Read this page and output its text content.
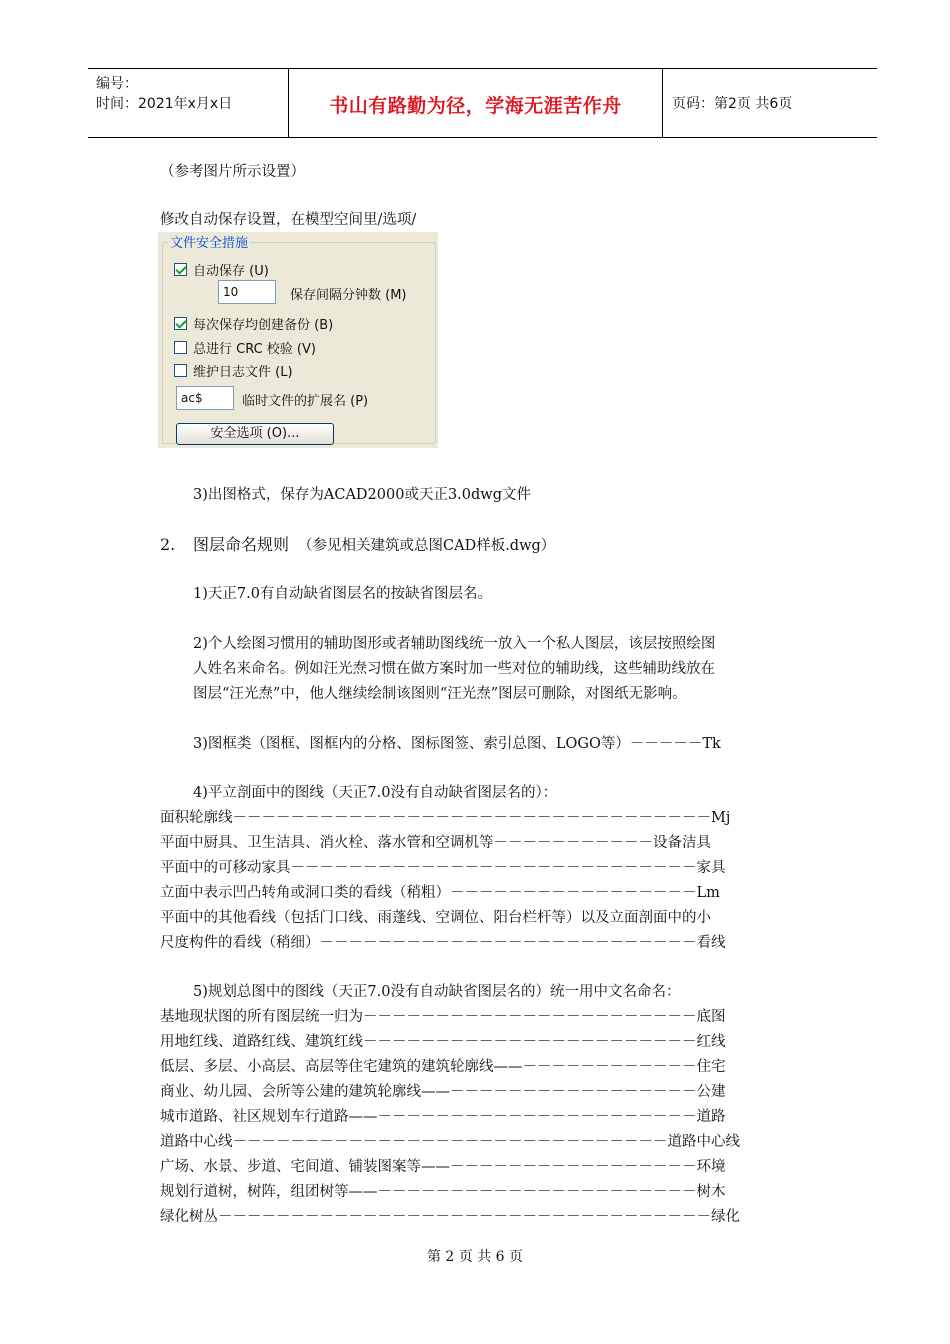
编号：
时间：2021年x月x日	书山有路勤为径，学海无涯苦作舟	页码：第2页 共6页
（参考图片所示设置）
修改自动保存设置，在模型空间里/选项/
文件安全措施
自动保存 (U)
10	保存间隔分钟数 (M)
每次保存均创建备份 (B)
总进行 CRC 校验 (V)
维护日志文件 (L)
ac$	临时文件的扩展名 (P)
安全选项 (O)...
3)出图格式，保存为ACAD2000或天正3.0dwg文件
2. 图层命名规则 （参见相关建筑或总图CAD样板.dwg）
1)天正7.0有自动缺省图层名的按缺省图层名。
2)个人绘图习惯用的辅助图形或者辅助图线统一放入一个私人图层，该层按照绘图
人姓名来命名。例如汪光焘习惯在做方案时加一些对位的辅助线，这些辅助线放在
图层“汪光焘”中，他人继续绘制该图则“汪光焘”图层可删除，对图纸无影响。
3)图框类（图框、图框内的分格、图标图签、索引总图、LOGO等）－－－－－Tk
4)平立剖面中的图线（天正7.0没有自动缺省图层名的）：
面积轮廓线－－－－－－－－－－－－－－－－－－－－－－－－－－－－－－－－－Mj
平面中厨具、卫生洁具、消火栓、落水管和空调机等－－－－－－－－－－－设备洁具
平面中的可移动家具－－－－－－－－－－－－－－－－－－－－－－－－－－－－家具
立面中表示凹凸转角或洞口类的看线（稍粗）－－－－－－－－－－－－－－－－－Lm
平面中的其他看线（包括门口线、雨蓬线、空调位、阳台栏杆等）以及立面剖面中的小
尺度构件的看线（稍细）－－－－－－－－－－－－－－－－－－－－－－－－－－看线
5)规划总图中的图线（天正7.0没有自动缺省图层名的）统一用中文名命名：
基地现状图的所有图层统一归为－－－－－－－－－－－－－－－－－－－－－－－底图
用地红线、道路红线、建筑红线－－－－－－－－－－－－－－－－－－－－－－－红线
低层、多层、小高层、高层等住宅建筑的建筑轮廓线——－－－－－－－－－－－－住宅
商业、幼儿园、会所等公建的建筑轮廓线——－－－－－－－－－－－－－－－－－公建
城市道路、社区规划车行道路——－－－－－－－－－－－－－－－－－－－－－－道路
道路中心线－－－－－－－－－－－－－－－－－－－－－－－－－－－－－－道路中心线
广场、水景、步道、宅间道、铺装图案等——－－－－－－－－－－－－－－－－－环境
规划行道树，树阵，组团树等——－－－－－－－－－－－－－－－－－－－－－－树木
绿化树丛－－－－－－－－－－－－－－－－－－－－－－－－－－－－－－－－－－绿化
第 2 页 共 6 页
